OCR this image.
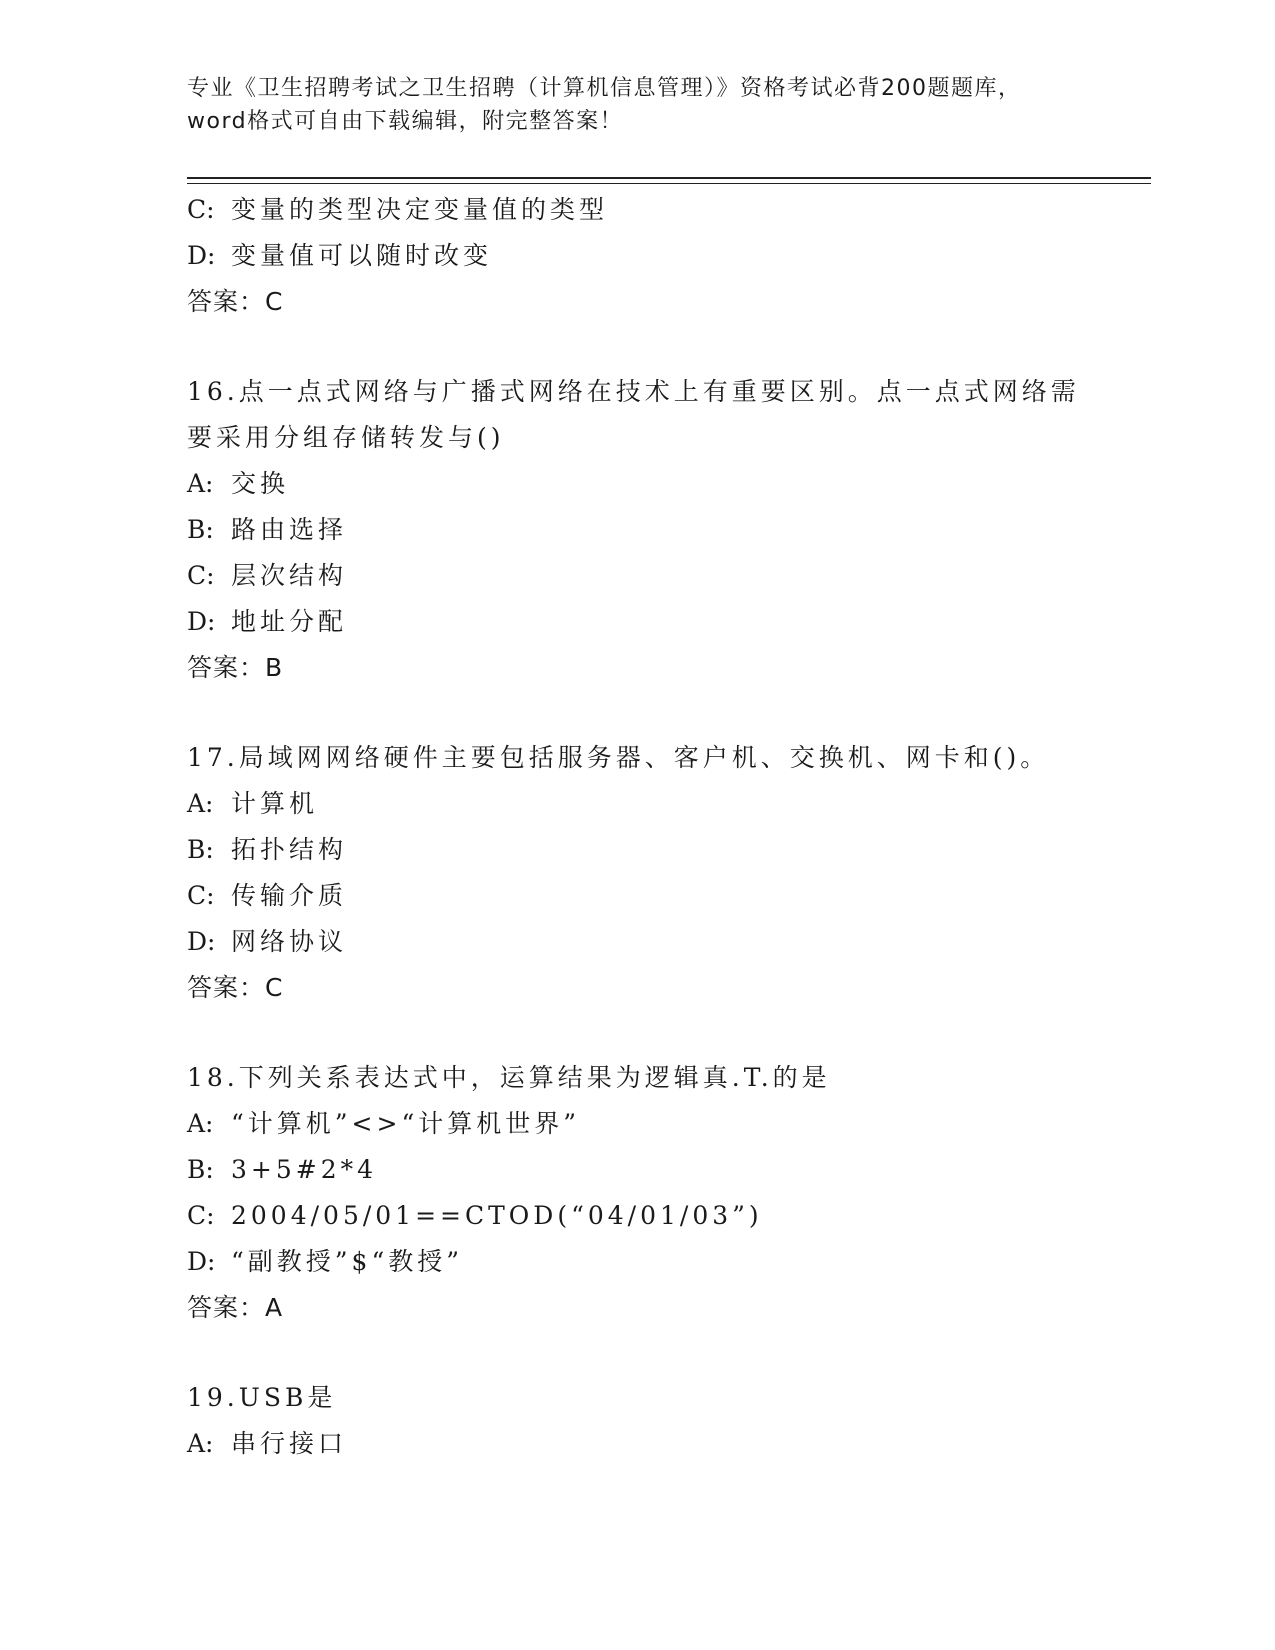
专业《卫生招聘考试之卫生招聘（计算机信息管理）》资格考试必背200题题库，
word格式可自由下载编辑，附完整答案！
C: 变量的类型决定变量值的类型
D: 变量值可以随时改变
答案：C
16.点一点式网络与广播式网络在技术上有重要区别。点一点式网络需
要采用分组存储转发与()
A: 交换
B: 路由选择
C: 层次结构
D: 地址分配
答案：B
17.局域网网络硬件主要包括服务器、客户机、交换机、网卡和()。
A: 计算机
B: 拓扑结构
C: 传输介质
D: 网络协议
答案：C
18.下列关系表达式中，运算结果为逻辑真.T.的是
A: “计算机”<>“计算机世界”
B: 3+5#2*4
C: 2004/05/01==CTOD(“04/01/03”)
D: “副教授”$“教授”
答案：A
19.USB是
A: 串行接口
